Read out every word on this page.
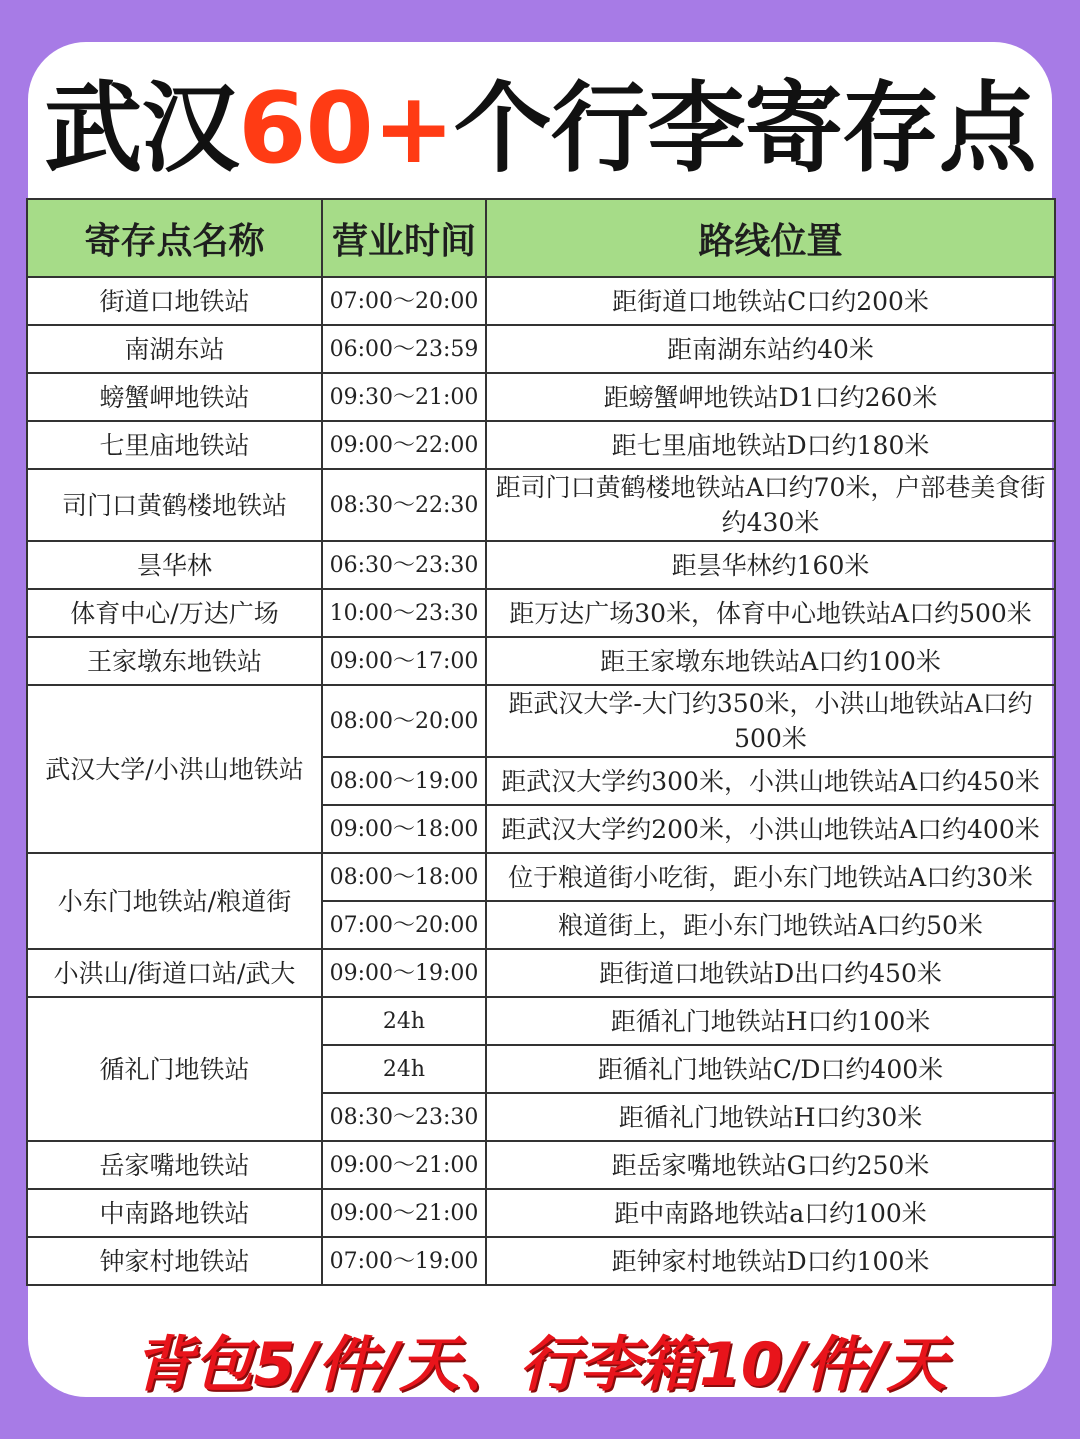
武汉60+个行李寄存点
寄存点名称	营业时间	路线位置
街道口地铁站	07:00～20:00	距街道口地铁站C口约200米
南湖东站	06:00～23:59	距南湖东站约40米
螃蟹岬地铁站	09:30～21:00	距螃蟹岬地铁站D1口约260米
七里庙地铁站	09:00～22:00	距七里庙地铁站D口约180米
司门口黄鹤楼地铁站	08:30～22:30	距司门口黄鹤楼地铁站A口约70米，户部巷美食街约430米
昙华林	06:30～23:30	距昙华林约160米
体育中心/万达广场	10:00～23:30	距万达广场30米，体育中心地铁站A口约500米
王家墩东地铁站	09:00～17:00	距王家墩东地铁站A口约100米
武汉大学/小洪山地铁站	08:00～20:00	距武汉大学-大门约350米，小洪山地铁站A口约500米
	08:00～19:00	距武汉大学约300米，小洪山地铁站A口约450米
	09:00～18:00	距武汉大学约200米，小洪山地铁站A口约400米
小东门地铁站/粮道街	08:00～18:00	位于粮道街小吃街，距小东门地铁站A口约30米
	07:00～20:00	粮道街上，距小东门地铁站A口约50米
小洪山/街道口站/武大	09:00～19:00	距街道口地铁站D出口约450米
循礼门地铁站	24h	距循礼门地铁站H口约100米
	24h	距循礼门地铁站C/D口约400米
	08:30～23:30	距循礼门地铁站H口约30米
岳家嘴地铁站	09:00～21:00	距岳家嘴地铁站G口约250米
中南路地铁站	09:00～21:00	距中南路地铁站a口约100米
钟家村地铁站	07:00～19:00	距钟家村地铁站D口约100米
背包5/件/天、行李箱10/件/天
